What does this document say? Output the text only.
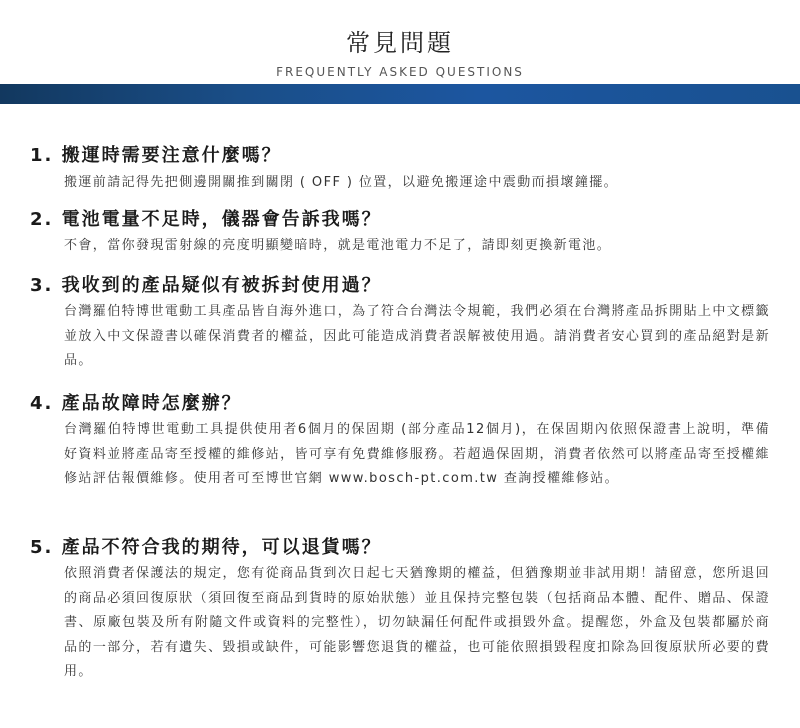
常見問題
FREQUENTLY ASKED QUESTIONS
1. 搬運時需要注意什麼嗎？
搬運前請記得先把側邊開關推到關閉 ( OFF ) 位置，以避免搬運途中震動而損壞鐘擺。
2. 電池電量不足時，儀器會告訴我嗎？
不會，當你發現雷射線的亮度明顯變暗時，就是電池電力不足了，請即刻更換新電池。
3. 我收到的產品疑似有被拆封使用過？
台灣羅伯特博世電動工具產品皆自海外進口，為了符合台灣法令規範，我們必須在台灣將產品拆開貼上中文標籤並放入中文保證書以確保消費者的權益，因此可能造成消費者誤解被使用過。請消費者安心買到的產品絕對是新品。
4. 產品故障時怎麼辦？
台灣羅伯特博世電動工具提供使用者6個月的保固期 (部分產品12個月)，在保固期內依照保證書上說明，準備好資料並將產品寄至授權的維修站，皆可享有免費維修服務。若超過保固期，消費者依然可以將產品寄至授權維修站評估報價維修。使用者可至博世官網 www.bosch-pt.com.tw 查詢授權維修站。
5. 產品不符合我的期待，可以退貨嗎？
依照消費者保護法的規定，您有從商品貨到次日起七天猶豫期的權益，但猶豫期並非試用期！請留意，您所退回的商品必須回復原狀（須回復至商品到貨時的原始狀態）並且保持完整包裝（包括商品本體、配件、贈品、保證書、原廠包裝及所有附隨文件或資料的完整性），切勿缺漏任何配件或損毀外盒。提醒您，外盒及包裝都屬於商品的一部分，若有遺失、毀損或缺件，可能影響您退貨的權益，也可能依照損毀程度扣除為回復原狀所必要的費用。
